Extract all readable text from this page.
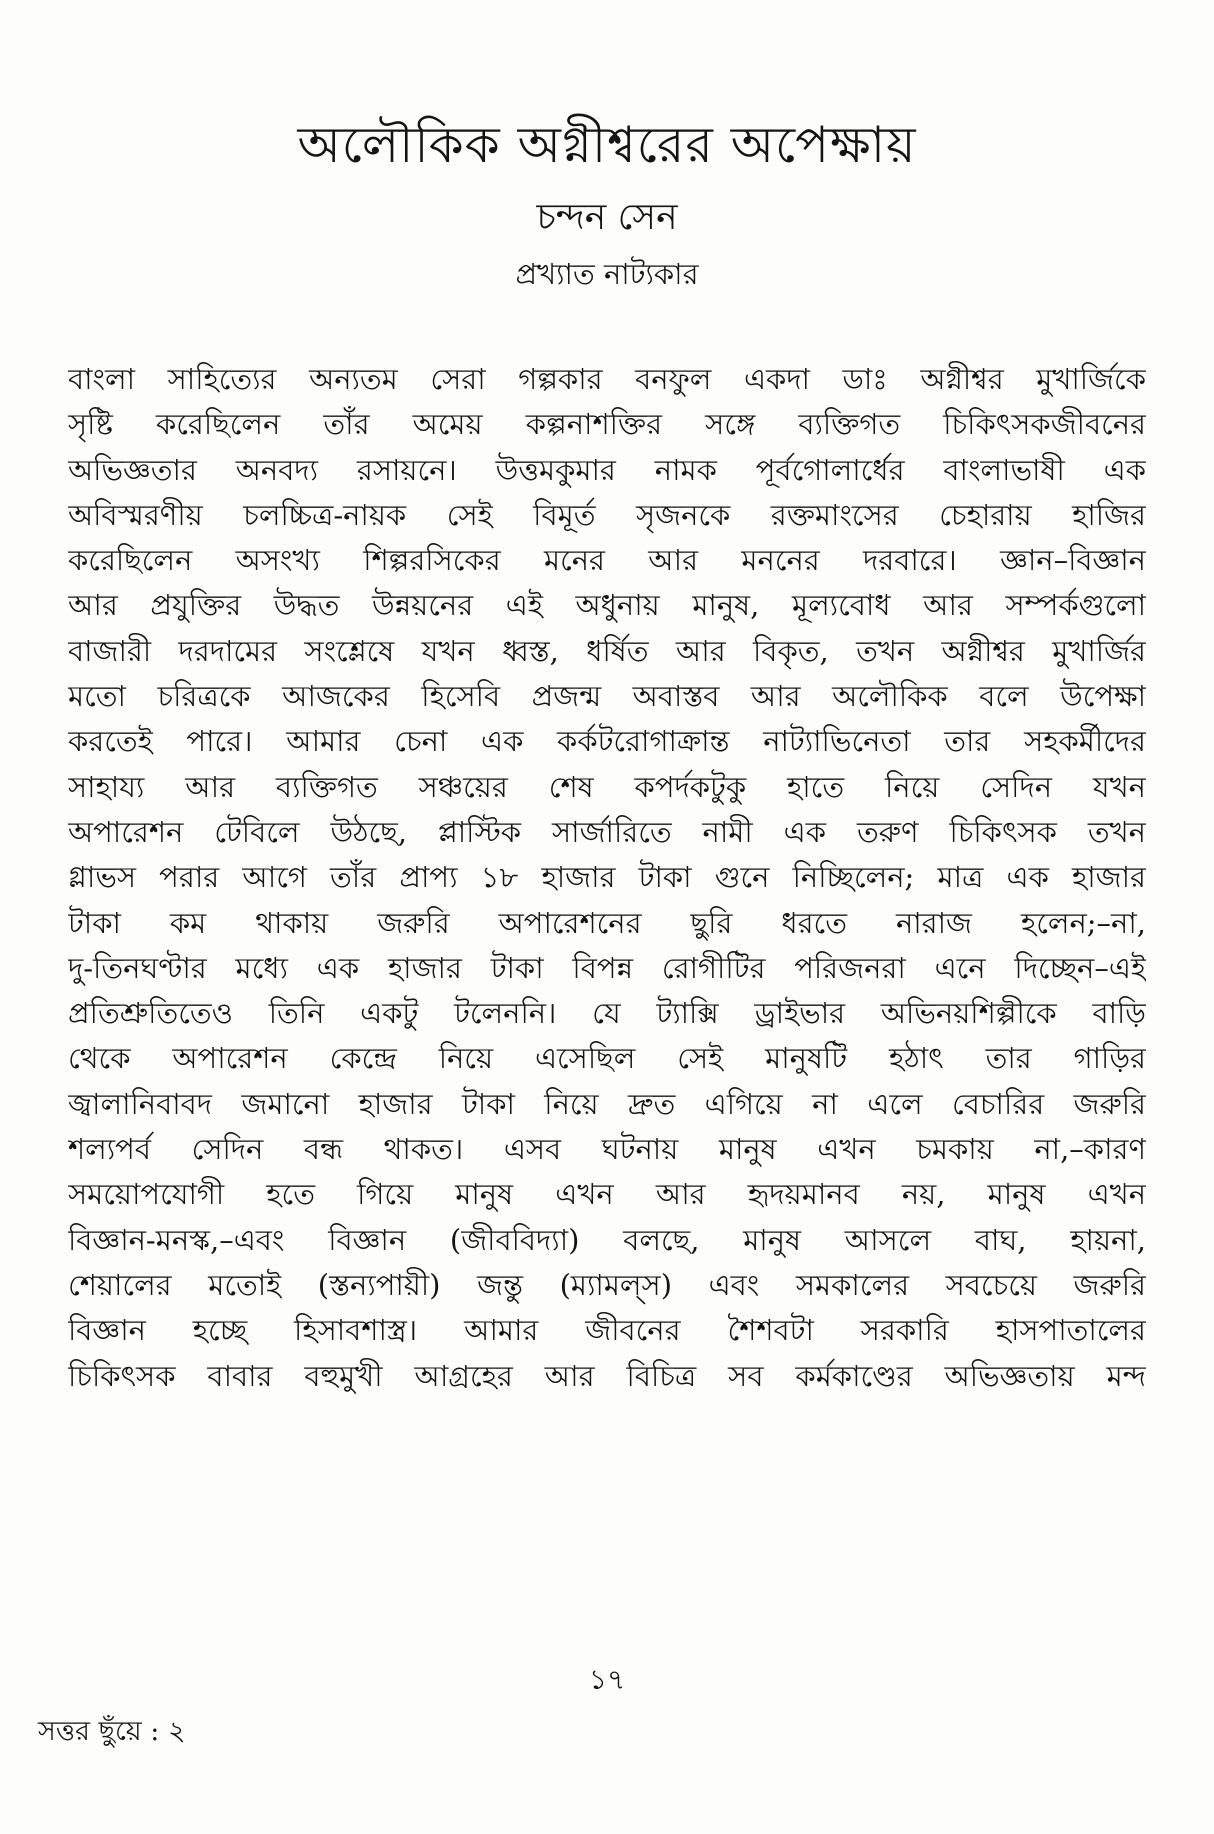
অলৌকিক অগ্নীশ্বরের অপেক্ষায়
চন্দন সেন
প্রখ্যাত নাট্যকার
বাংলা সাহিত্যের অন্যতম সেরা গল্পকার বনফুল একদা ডাঃ অগ্নীশ্বর মুখার্জিকে
সৃষ্টি করেছিলেন তাঁর অমেয় কল্পনাশক্তির সঙ্গে ব্যক্তিগত চিকিৎসকজীবনের
অভিজ্ঞতার অনবদ্য রসায়নে। উত্তমকুমার নামক পূর্বগোলার্ধের বাংলাভাষী এক
অবিস্মরণীয় চলচ্চিত্র-নায়ক সেই বিমূর্ত সৃজনকে রক্তমাংসের চেহারায় হাজির
করেছিলেন অসংখ্য শিল্পরসিকের মনের আর মননের দরবারে। জ্ঞান–বিজ্ঞান
আর প্রযুক্তির উদ্ধত উন্নয়নের এই অধুনায় মানুষ, মূল্যবোধ আর সম্পর্কগুলো
বাজারী দরদামের সংশ্লেষে যখন ধ্বস্ত, ধর্ষিত আর বিকৃত, তখন অগ্নীশ্বর মুখার্জির
মতো চরিত্রকে আজকের হিসেবি প্রজন্ম অবাস্তব আর অলৌকিক বলে উপেক্ষা
করতেই পারে। আমার চেনা এক কর্কটরোগাক্রান্ত নাট্যাভিনেতা তার সহকর্মীদের
সাহায্য আর ব্যক্তিগত সঞ্চয়ের শেষ কপর্দকটুকু হাতে নিয়ে সেদিন যখন
অপারেশন টেবিলে উঠছে, প্লাস্টিক সার্জারিতে নামী এক তরুণ চিকিৎসক তখন
গ্লাভস পরার আগে তাঁর প্রাপ্য ১৮ হাজার টাকা গুনে নিচ্ছিলেন; মাত্র এক হাজার
টাকা কম থাকায় জরুরি অপারেশনের ছুরি ধরতে নারাজ হলেন;–না,
দু-তিনঘণ্টার মধ্যে এক হাজার টাকা বিপন্ন রোগীটির পরিজনরা এনে দিচ্ছেন–এই
প্রতিশ্রুতিতেও তিনি একটু টলেননি। যে ট্যাক্সি ড্রাইভার অভিনয়শিল্পীকে বাড়ি
থেকে অপারেশন কেন্দ্রে নিয়ে এসেছিল সেই মানুষটি হঠাৎ তার গাড়ির
জ্বালানিবাবদ জমানো হাজার টাকা নিয়ে দ্রুত এগিয়ে না এলে বেচারির জরুরি
শল্যপর্ব সেদিন বন্ধ থাকত। এসব ঘটনায় মানুষ এখন চমকায় না,–কারণ
সময়োপযোগী হতে গিয়ে মানুষ এখন আর হৃদয়মানব নয়, মানুষ এখন
বিজ্ঞান-মনস্ক,–এবং বিজ্ঞান (জীববিদ্যা) বলছে, মানুষ আসলে বাঘ, হায়না,
শেয়ালের মতোই (স্তন্যপায়ী) জন্তু (ম্যামল্স) এবং সমকালের সবচেয়ে জরুরি
বিজ্ঞান হচ্ছে হিসাবশাস্ত্র। আমার জীবনের শৈশবটা সরকারি হাসপাতালের
চিকিৎসক বাবার বহুমুখী আগ্রহের আর বিচিত্র সব কর্মকাণ্ডের অভিজ্ঞতায় মন্দ
১৭
সত্তর ছুঁয়ে : ২
